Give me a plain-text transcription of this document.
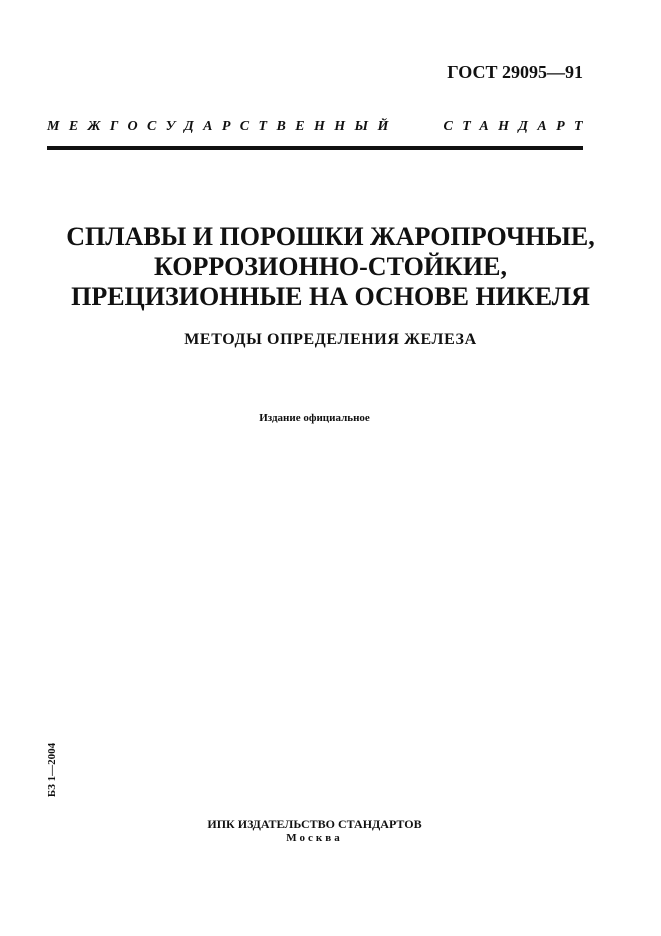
ГОСТ 29095—91
МЕЖГОСУДАРСТВЕННЫЙ	СТАНДАРТ
СПЛАВЫ И ПОРОШКИ ЖАРОПРОЧНЫЕ,
КОРРОЗИОННО-СТОЙКИЕ,
ПРЕЦИЗИОННЫЕ НА ОСНОВЕ НИКЕЛЯ
МЕТОДЫ ОПРЕДЕЛЕНИЯ ЖЕЛЕЗА
Издание официальное
БЗ 1—2004
ИПК ИЗДАТЕЛЬСТВО СТАНДАРТОВ
Москва
